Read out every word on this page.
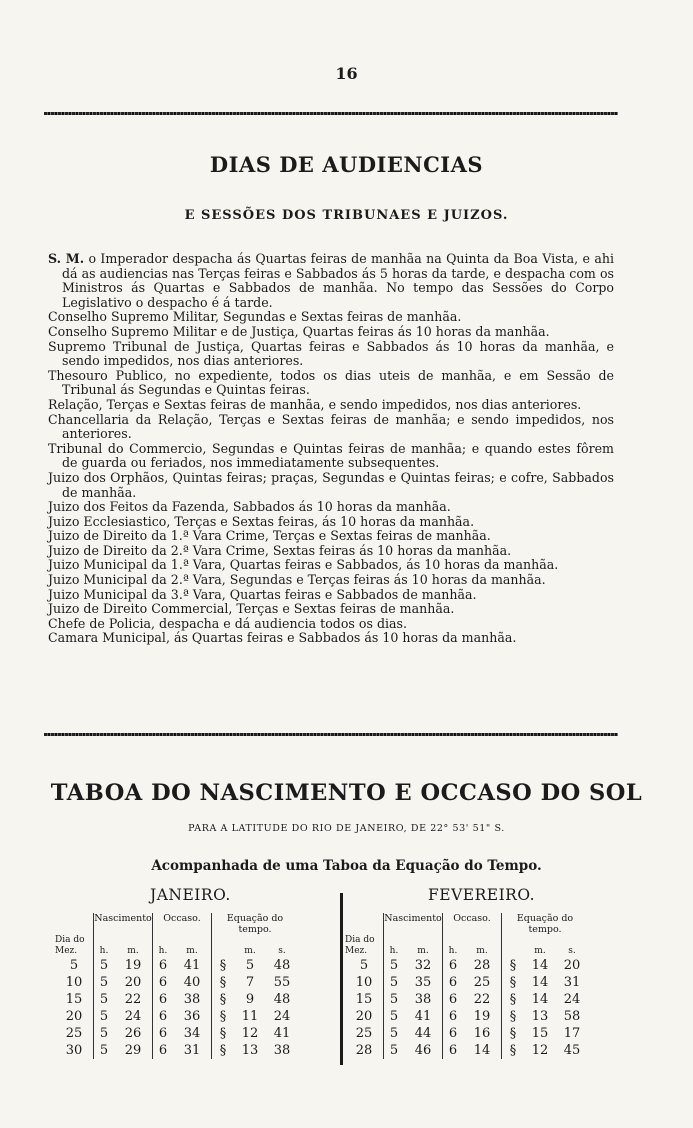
16
DIAS DE AUDIENCIAS
E SESSÕES DOS TRIBUNAES E JUIZOS.
S. M. o Imperador despacha ás Quartas feiras de manhãa na Quinta da Boa Vista, e ahi dá as audiencias nas Terças feiras e Sabbados ás 5 horas da tarde, e despacha com os Ministros ás Quartas e Sabbados de manhãa. No tempo das Sessões do Corpo Legislativo o despacho é á tarde.
Conselho Supremo Militar, Segundas e Sextas feiras de manhãa.
Conselho Supremo Militar e de Justiça, Quartas feiras ás 10 horas da manhãa.
Supremo Tribunal de Justiça, Quartas feiras e Sabbados ás 10 horas da manhãa, e sendo impedidos, nos dias anteriores.
Thesouro Publico, no expediente, todos os dias uteis de manhãa, e em Sessão de Tribunal ás Segundas e Quintas feiras.
Relação, Terças e Sextas feiras de manhãa, e sendo impedidos, nos dias anteriores.
Chancellaria da Relação, Terças e Sextas feiras de manhãa; e sendo impedidos, nos anteriores.
Tribunal do Commercio, Segundas e Quintas feiras de manhãa; e quando estes fôrem de guarda ou feriados, nos immediatamente subsequentes.
Juizo dos Orphãos, Quintas feiras; praças, Segundas e Quintas feiras; e cofre, Sabbados de manhãa.
Juizo dos Feitos da Fazenda, Sabbados ás 10 horas da manhãa.
Juizo Ecclesiastico, Terças e Sextas feiras, ás 10 horas da manhãa.
Juizo de Direito da 1.ª Vara Crime, Terças e Sextas feiras de manhãa.
Juizo de Direito da 2.ª Vara Crime, Sextas feiras ás 10 horas da manhãa.
Juizo Municipal da 1.ª Vara, Quartas feiras e Sabbados, ás 10 horas da manhãa.
Juizo Municipal da 2.ª Vara, Segundas e Terças feiras ás 10 horas da manhãa.
Juizo Municipal da 3.ª Vara, Quartas feiras e Sabbados de manhãa.
Juizo de Direito Commercial, Terças e Sextas feiras de manhãa.
Chefe de Policia, despacha e dá audiencia todos os dias.
Camara Municipal, ás Quartas feiras e Sabbados ás 10 horas da manhãa.
TABOA DO NASCIMENTO E OCCASO DO SOL
PARA A LATITUDE DO RIO DE JANEIRO, DE 22° 53' 51" S.
Acompanhada de uma Taboa da Equação do Tempo.
JANEIRO.	FEVEREIRO.
	Nascimento		Occaso.		Equação do tempo.		
Dia do Mez.	h.	m.	h.	m.		m.	s.
5	5	19	6	41	§	5	48
10	5	20	6	40	§	7	55
15	5	22	6	38	§	9	48
20	5	24	6	36	§	11	24
25	5	26	6	34	§	12	41
30	5	29	6	31	§	13	38
	Nascimento		Occaso.		Equação do tempo.		
Dia do Mez.	h.	m.	h.	m.		m.	s.
5	5	32	6	28	§	14	20
10	5	35	6	25	§	14	31
15	5	38	6	22	§	14	24
20	5	41	6	19	§	13	58
25	5	44	6	16	§	15	17
28	5	46	6	14	§	12	45
